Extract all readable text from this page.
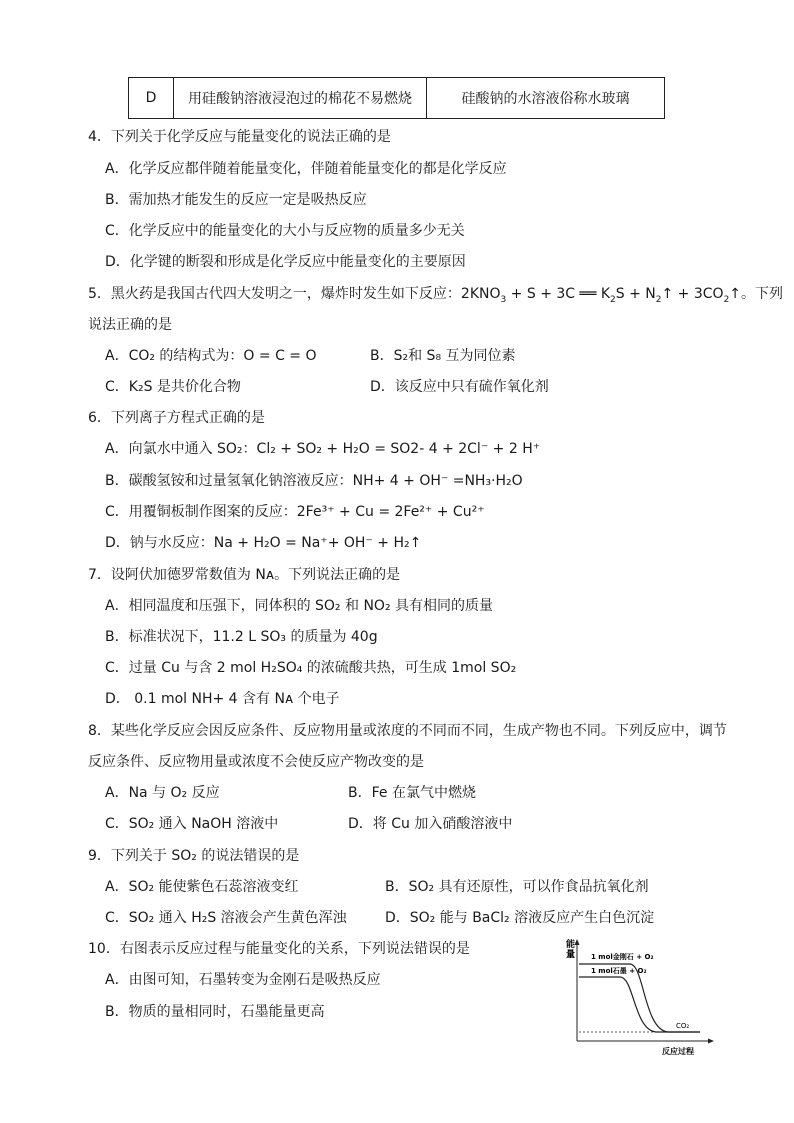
D	用硅酸钠溶液浸泡过的棉花不易燃烧	硅酸钠的水溶液俗称水玻璃
4．下列关于化学反应与能量变化的说法正确的是
A．化学反应都伴随着能量变化，伴随着能量变化的都是化学反应
B．需加热才能发生的反应一定是吸热反应
C．化学反应中的能量变化的大小与反应物的质量多少无关
D．化学键的断裂和形成是化学反应中能量变化的主要原因
5．黑火药是我国古代四大发明之一，爆炸时发生如下反应：$2KNO_3 + S + 3C$ ══ $K_2S$ + $N_2↑$ + $3CO_2↑$。下列
说法正确的是
A．CO₂ 的结构式为：O = C = O	B．S₂和 S₈ 互为同位素
C．K₂S 是共价化合物	D．该反应中只有硫作氧化剂
6．下列离子方程式正确的是
A．向氯水中通入 SO₂：Cl₂ + SO₂ + H₂O = SO2- 4 + 2Cl⁻ + 2 H⁺
B．碳酸氢铵和过量氢氧化钠溶液反应：NH+ 4 + OH⁻ =NH₃·H₂O
C．用覆铜板制作图案的反应：2Fe³⁺ + Cu = 2Fe²⁺ + Cu²⁺
D．钠与水反应：Na + H₂O = Na⁺+ OH⁻ + H₂↑
7．设阿伏加德罗常数值为 Nᴀ。下列说法正确的是
A．相同温度和压强下，同体积的 SO₂ 和 NO₂ 具有相同的质量
B．标准状况下，11.2 L SO₃ 的质量为 40g
C．过量 Cu 与含 2 mol H₂SO₄ 的浓硫酸共热，可生成 1mol SO₂
D． 0.1 mol NH+ 4 含有 Nᴀ 个电子
8．某些化学反应会因反应条件、反应物用量或浓度的不同而不同，生成产物也不同。下列反应中，调节
反应条件、反应物用量或浓度不会使反应产物改变的是
A．Na 与 O₂ 反应	B．Fe 在氯气中燃烧
C．SO₂ 通入 NaOH 溶液中	D．将 Cu 加入硝酸溶液中
9．下列关于 SO₂ 的说法错误的是
A．SO₂ 能使紫色石蕊溶液变红	B．SO₂ 具有还原性，可以作食品抗氧化剂
C．SO₂ 通入 H₂S 溶液会产生黄色浑浊	D．SO₂ 能与 BaCl₂ 溶液反应产生白色沉淀
10．右图表示反应过程与能量变化的关系，下列说法错误的是
A．由图可知，石墨转变为金刚石是吸热反应
B．物质的量相同时，石墨能量更高
能
量 1 mol金刚石 + O₂
1 mol石墨 + O₂
CO₂
反应过程
